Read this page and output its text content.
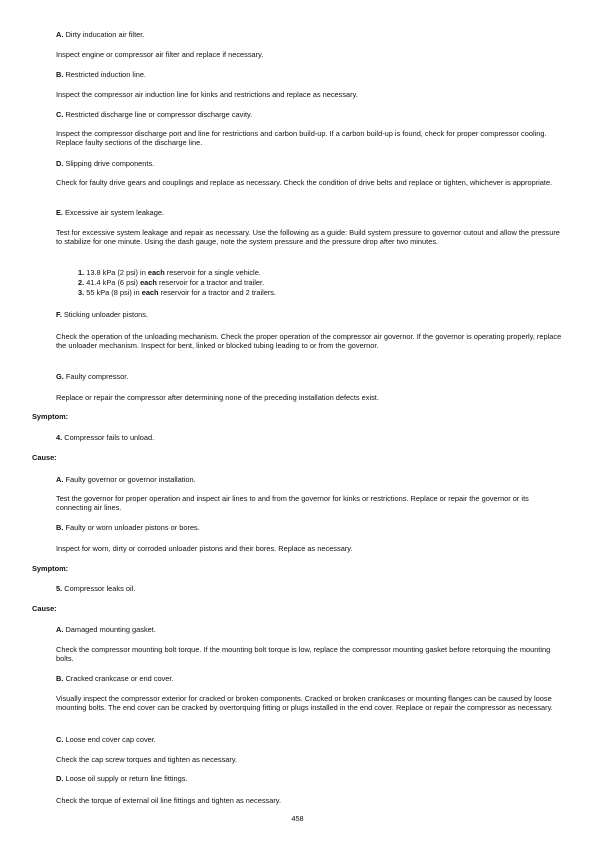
A. Dirty inducation air filter.
Inspect engine or compressor air filter and replace if necessary.
B. Restricted induction line.
Inspect the compressor air induction line for kinks and restrictions and replace as necessary.
C. Restricted discharge line or compressor discharge cavity.
Inspect the compressor discharge port and line for restrictions and carbon build-up. If a carbon build-up is found, check for proper compressor cooling. Replace faulty sections of the discharge line.
D. Slipping drive components.
Check for faulty drive gears and couplings and replace as necessary. Check the condition of drive belts and replace or tighten, whichever is appropriate.
E. Excessive air system leakage.
Test for excessive system leakage and repair as necessary. Use the following as a guide: Build system pressure to governor cutout and allow the pressure to stabilize for one minute. Using the dash gauge, note the system pressure and the pressure drop after two minutes.
1. 13.8 kPa (2 psi) in each reservoir for a single vehicle.
2. 41.4 kPa (6 psi) each reservoir for a tractor and trailer.
3. 55 kPa (8 psi) in each reservoir for a tractor and 2 trailers.
F. Sticking unloader pistons.
Check the operation of the unloading mechanism. Check the proper operation of the compressor air governor. If the governor is operating properly, replace the unloader mechanism. Inspect for bent, linked or blocked tubing leading to or from the governor.
G. Faulty compressor.
Replace or repair the compressor after determining none of the preceding installation defects exist.
Symptom:
4. Compressor fails to unload.
Cause:
A. Faulty governor or governor installation.
Test the governor for proper operation and inspect air lines to and from the governor for kinks or restrictions. Replace or repair the governor or its connecting air lines.
B. Faulty or worn unloader pistons or bores.
Inspect for worn, dirty or corroded unloader pistons and their bores. Replace as necessary.
Symptom:
5. Compressor leaks oil.
Cause:
A. Damaged mounting gasket.
Check the compressor mounting bolt torque. If the mounting bolt torque is low, replace the compressor mounting gasket before retorquing the mounting bolts.
B. Cracked crankcase or end cover.
Visually inspect the compressor exterior for cracked or broken components. Cracked or broken crankcases or mounting flanges can be caused by loose mounting bolts. The end cover can be cracked by overtorquing fitting or plugs installed in the end cover. Replace or repair the compressor as necessary.
C. Loose end cover cap cover.
Check the cap screw torques and tighten as necessary.
D. Loose oil supply or return line fittings.
Check the torque of external oil line fittings and tighten as necessary.
458
